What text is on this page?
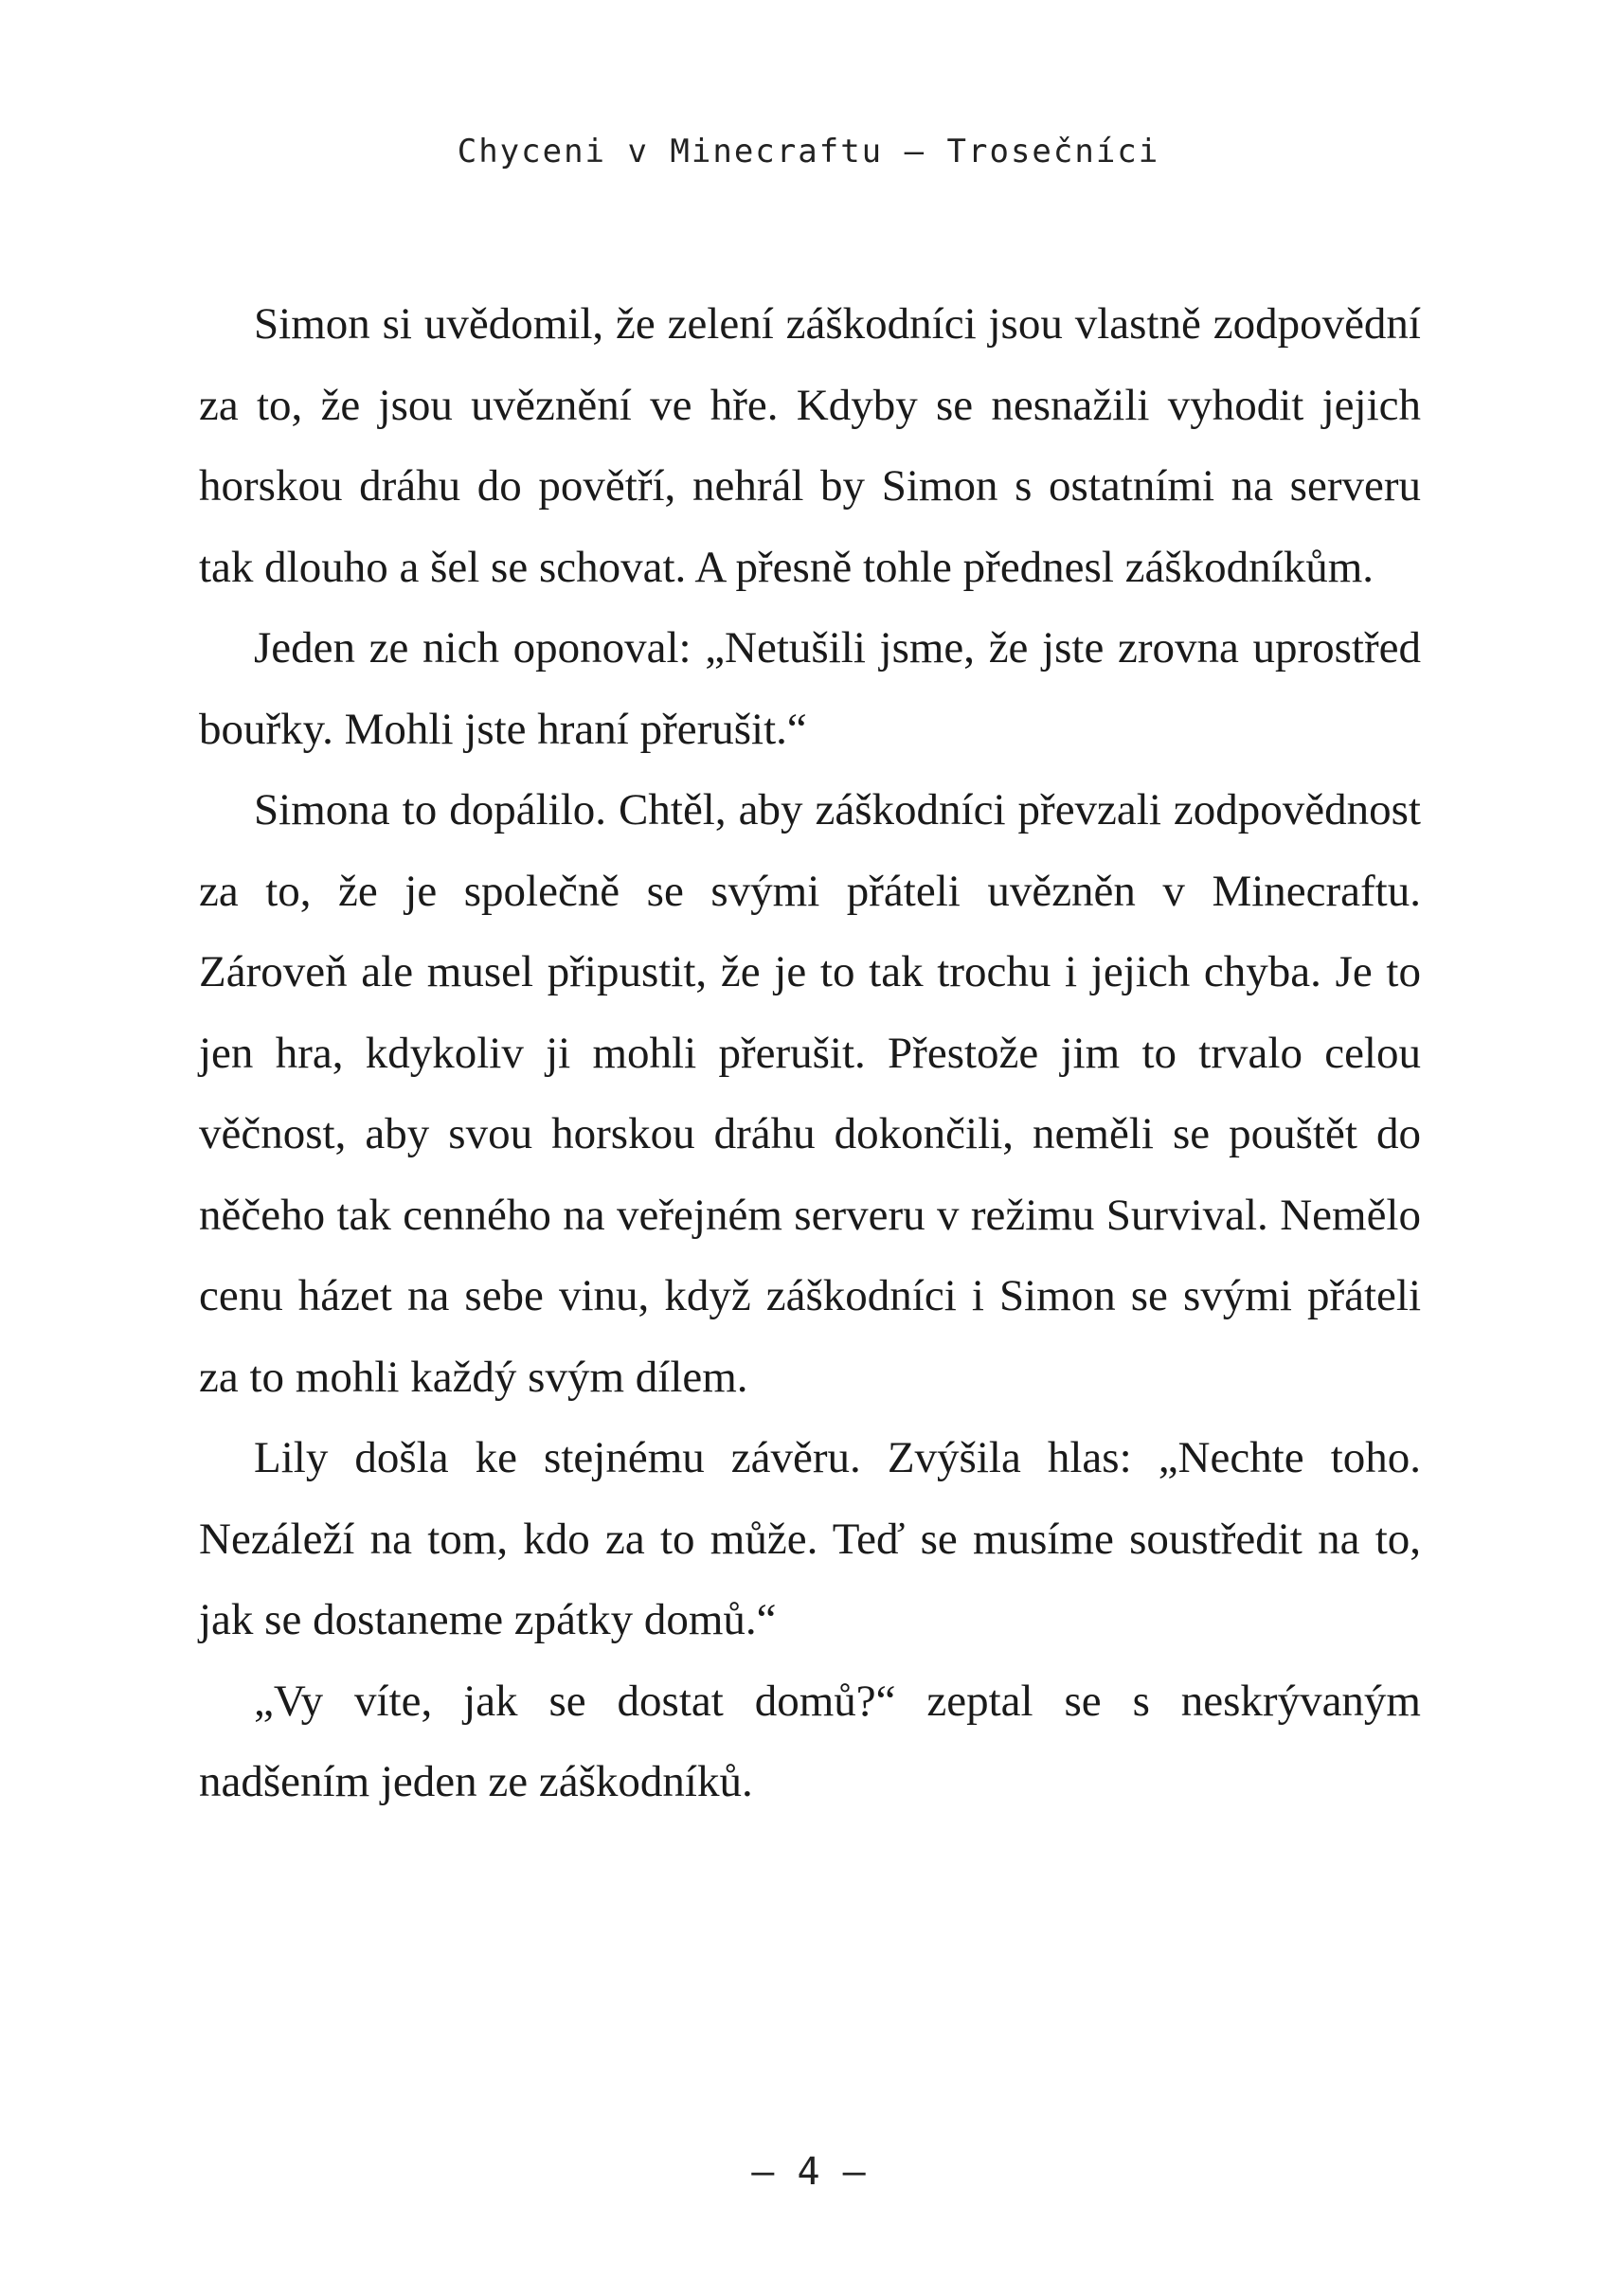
Chyceni v Minecraftu – Trosečníci

Simon si uvědomil, že zelení záškodníci jsou vlastně zodpovědní za to, že jsou uvěznění ve hře. Kdyby se nesnažili vyhodit jejich horskou dráhu do povětří, nehrál by Simon s ostatními na serveru tak dlouho a šel se schovat. A přesně tohle přednesl záškodníkům.

Jeden ze nich oponoval: „Netušili jsme, že jste zrovna uprostřed bouřky. Mohli jste hraní přerušit.“

Simona to dopálilo. Chtěl, aby záškodníci převzali zodpovědnost za to, že je společně se svými přáteli uvězněn v Minecraftu. Zároveň ale musel připustit, že je to tak trochu i jejich chyba. Je to jen hra, kdykoliv ji mohli přerušit. Přestože jim to trvalo celou věčnost, aby svou horskou dráhu dokončili, neměli se pouštět do něčeho tak cenného na veřejném serveru v režimu Survival. Nemělo cenu házet na sebe vinu, když záškodníci i Simon se svými přáteli za to mohli každý svým dílem.

Lily došla ke stejnému závěru. Zvýšila hlas: „Nechte toho. Nezáleží na tom, kdo za to může. Teď se musíme soustředit na to, jak se dostaneme zpátky domů.“

„Vy víte, jak se dostat domů?“ zeptal se s neskrývaným nadšením jeden ze záškodníků.

– 4 –
